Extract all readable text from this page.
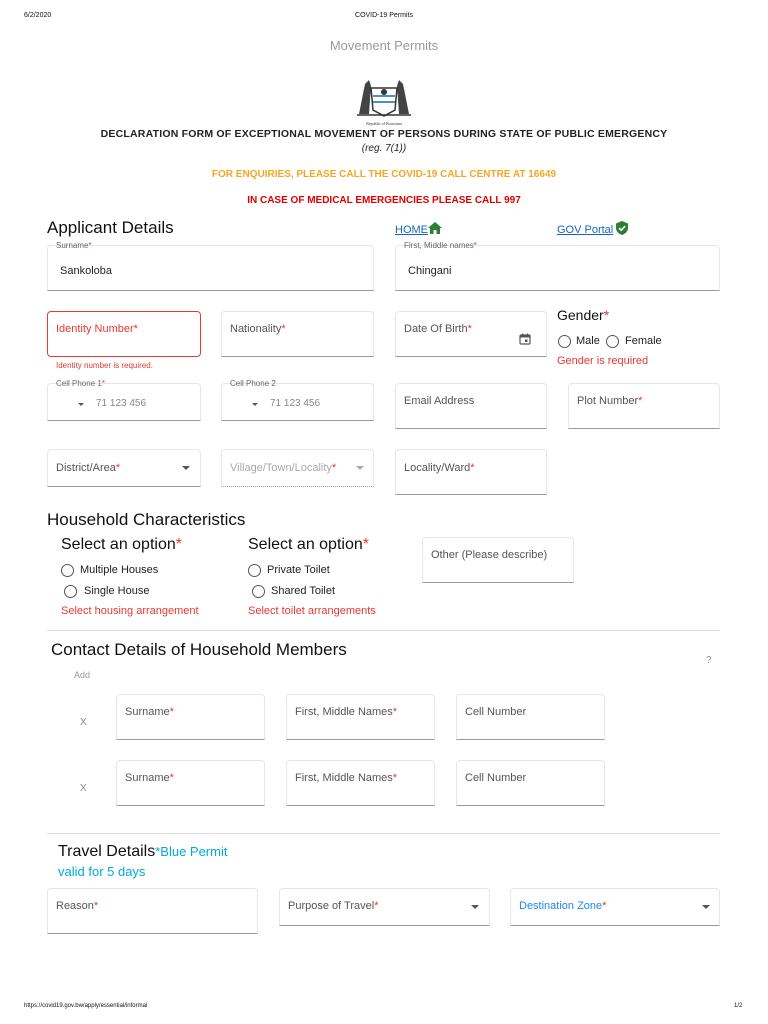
6/2/2020	COVID-19 Permits
Movement Permits
Republic of Botswana
DECLARATION FORM OF EXCEPTIONAL MOVEMENT OF PERSONS DURING STATE OF PUBLIC EMERGENCY
(reg. 7(1))
FOR ENQUIRIES, PLEASE CALL THE COVID-19 CALL CENTRE AT 16649
IN CASE OF MEDICAL EMERGENCIES PLEASE CALL 997
Applicant Details	HOME	GOV Portal
Surname*
Sankoloba
First, Middle names*
Chingani
Identity Number*
Identity number is required.
Nationality*	Date Of Birth*
Gender*
Male Female
Gender is required
Cell Phone 1*
71 123 456
Cell Phone 2
71 123 456	Email Address	Plot Number*
District/Area*	Village/Town/Locality*	Locality/Ward*
Household Characteristics
Select an option*
Multiple Houses
Single House
Select housing arrangement
Select an option*
Private Toilet
Shared Toilet
Select toilet arrangements
Other (Please describe)
Contact Details of Household Members
?
Add
X
Surname*	First, Middle Names*	Cell Number
X
Surname*	First, Middle Names*	Cell Number
Travel Details*Blue Permit
valid for 5 days
Reason*	Purpose of Travel*	Destination Zone*
https://covid19.gov.bw/apply/essential/informal	1/2
